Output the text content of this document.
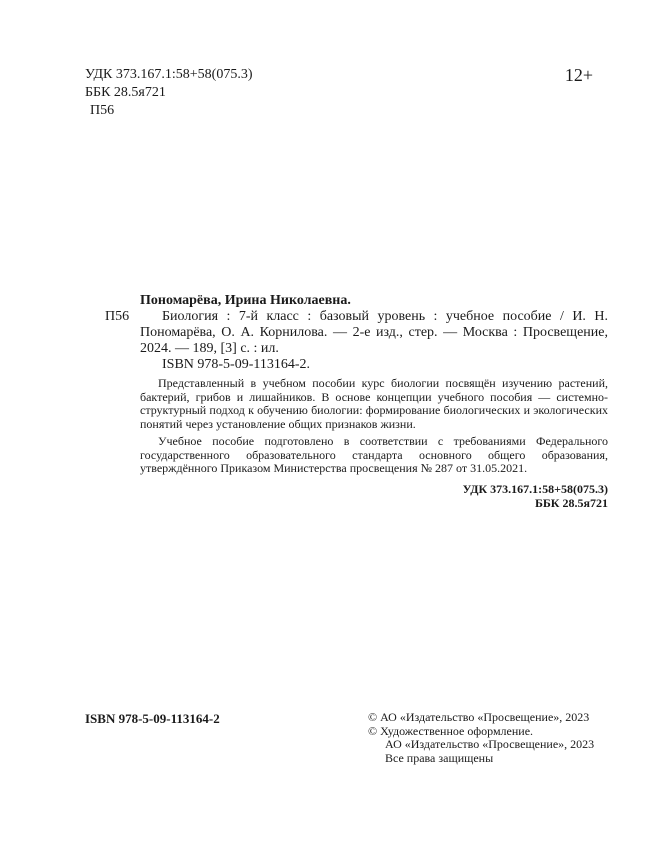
УДК 373.167.1:58+58(075.3)
ББК 28.5я721
П56
12+
Пономарёва, Ирина Николаевна.
П56	Биология : 7-й класс : базовый уровень : учебное пособие / И. Н. Пономарёва, О. А. Корнилова. — 2-е изд., стер. — Москва : Просвещение, 2024. — 189, [3] с. : ил.

ISBN 978-5-09-113164-2.

Представленный в учебном пособии курс биологии посвящён изучению растений, бактерий, грибов и лишайников. В основе концепции учебного пособия — системно-структурный подход к обучению биологии: формирование биологических и экологических понятий через установление общих признаков жизни.

Учебное пособие подготовлено в соответствии с требованиями Федерального государственного образовательного стандарта основного общего образования, утверждённого Приказом Министерства просвещения № 287 от 31.05.2021.

УДК 373.167.1:58+58(075.3)
ББК 28.5я721
ISBN 978-5-09-113164-2	© АО «Издательство «Просвещение», 2023
© Художественное оформление.
АО «Издательство «Просвещение», 2023
Все права защищены
